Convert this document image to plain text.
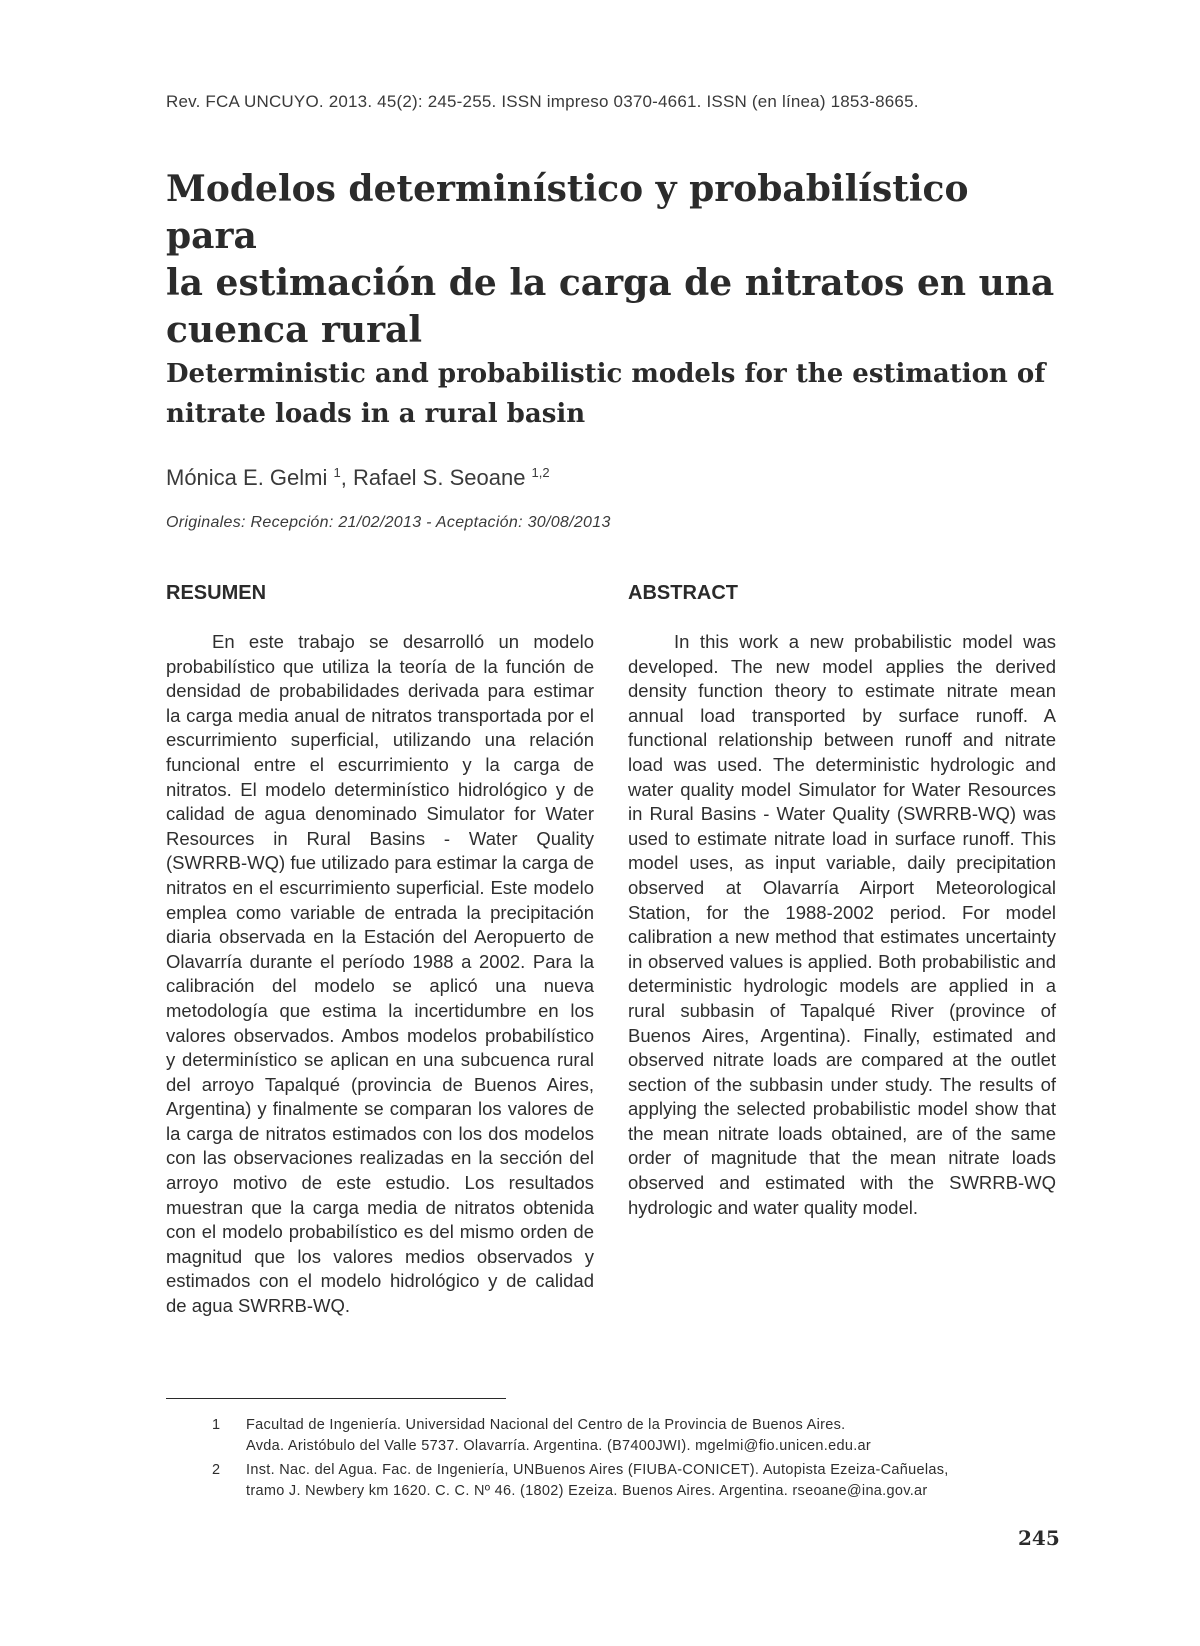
Rev. FCA UNCUYO. 2013. 45(2): 245-255. ISSN impreso 0370-4661. ISSN (en línea) 1853-8665.
Modelos determinístico y probabilístico para
la estimación de la carga de nitratos en una
cuenca rural
Deterministic and probabilistic models for the estimation of
nitrate loads in a rural basin
Mónica E. Gelmi $^1$, Rafael S. Seoane $^{1,2}$
Originales: Recepción: 21/02/2013 - Aceptación: 30/08/2013
RESUMEN	ABSTRACT

En este trabajo se desarrolló un modelo probabilístico que utiliza la teoría de la función de densidad de probabilidades derivada para estimar la carga media anual de nitratos transportada por el escurrimiento superficial, utilizando una relación funcional entre el escurrimiento y la carga de nitratos. El modelo determinístico hidrológico y de calidad de agua denominado Simulator for Water Resources in Rural Basins - Water Quality (SWRRB-WQ) fue utilizado para estimar la carga de nitratos en el escurrimiento superficial. Este modelo emplea como variable de entrada la precipitación diaria observada en la Estación del Aeropuerto de Olavarría durante el período 1988 a 2002. Para la calibración del modelo se aplicó una nueva metodología que estima la incertidumbre en los valores observados. Ambos modelos probabilístico y determinístico se aplican en una subcuenca rural del arroyo Tapalqué (provincia de Buenos Aires, Argentina) y finalmente se comparan los valores de la carga de nitratos estimados con los dos modelos con las observaciones realizadas en la sección del arroyo motivo de este estudio. Los resultados muestran que la carga media de nitratos obtenida con el modelo probabilístico es del mismo orden de magnitud que los valores medios observados y estimados con el modelo hidrológico y de calidad de agua SWRRB-WQ.

In this work a new probabilistic model was developed. The new model applies the derived density function theory to estimate nitrate mean annual load transported by surface runoff. A functional relationship between runoff and nitrate load was used. The deterministic hydrologic and water quality model Simulator for Water Resources in Rural Basins - Water Quality (SWRRB-WQ) was used to estimate nitrate load in surface runoff. This model uses, as input variable, daily precipitation observed at Olavarría Airport Meteorological Station, for the 1988-2002 period. For model calibration a new method that estimates uncertainty in observed values is applied. Both probabilistic and deterministic hydrologic models are applied in a rural subbasin of Tapalqué River (province of Buenos Aires, Argentina). Finally, estimated and observed nitrate loads are compared at the outlet section of the subbasin under study. The results of applying the selected probabilistic model show that the mean nitrate loads obtained, are of the same order of magnitude that the mean nitrate loads observed and estimated with the SWRRB-WQ hydrologic and water quality model.

1	Facultad de Ingeniería. Universidad Nacional del Centro de la Provincia de Buenos Aires.
Avda. Aristóbulo del Valle 5737. Olavarría. Argentina. (B7400JWI). mgelmi@fio.unicen.edu.ar
2	Inst. Nac. del Agua. Fac. de Ingeniería, UNBuenos Aires (FIUBA-CONICET). Autopista Ezeiza-Cañuelas,
tramo J. Newbery km 1620. C. C. Nº 46. (1802) Ezeiza. Buenos Aires. Argentina. rseoane@ina.gov.ar
245
